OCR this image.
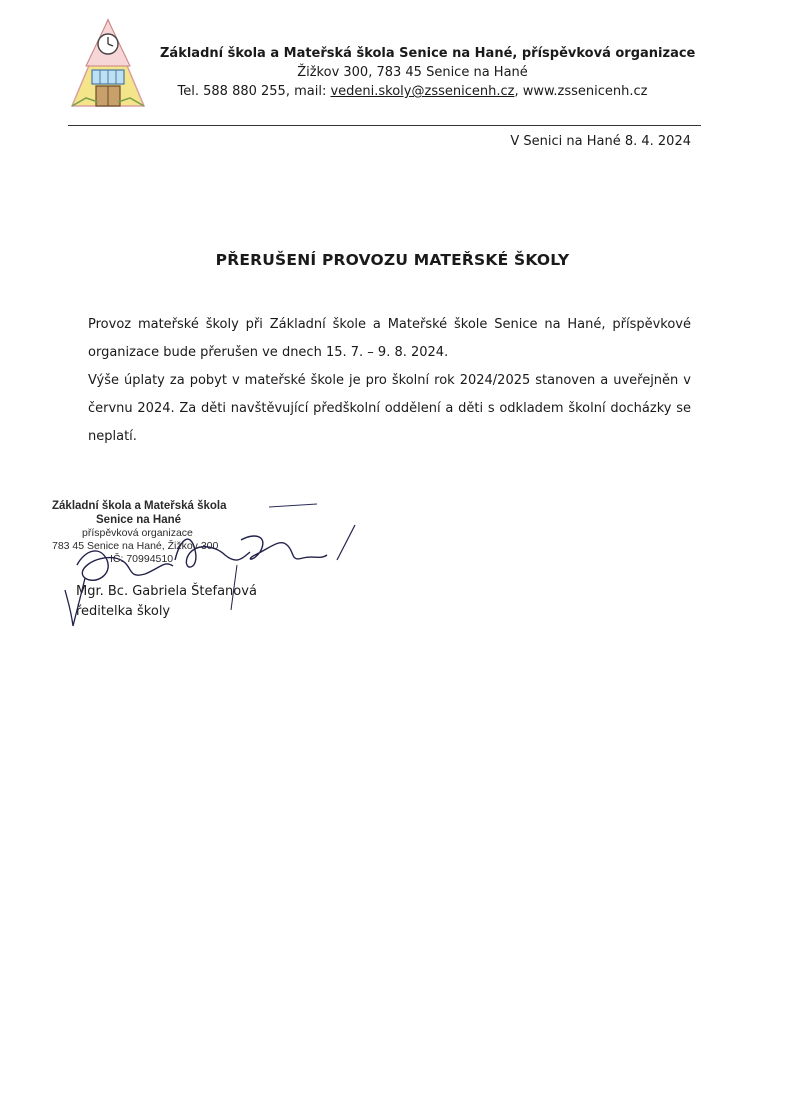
Základní škola a Mateřská škola Senice na Hané, příspěvková organizace
Žižkov 300, 783 45 Senice na Hané
Tel. 588 880 255, mail: vedeni.skoly@zssenicenh.cz, www.zssenicenh.cz
V Senici na Hané 8. 4. 2024
PŘERUŠENÍ PROVOZU MATEŘSKÉ ŠKOLY

Provoz mateřské školy při Základní škole a Mateřské škole Senice na Hané, příspěvkové organizace bude přerušen ve dnech 15. 7. – 9. 8. 2024.

Výše úplaty za pobyt v mateřské škole je pro školní rok 2024/2025 stanoven a uveřejněn v červnu 2024. Za děti navštěvující předškolní oddělení a děti s odkladem školní docházky se neplatí.

Základní škola a Mateřská škola
Senice na Hané
příspěvková organizace
783 45 Senice na Hané, Žižkov 300
IČ: 70994510
Mgr. Bc. Gabriela Štefanová
ředitelka školy
